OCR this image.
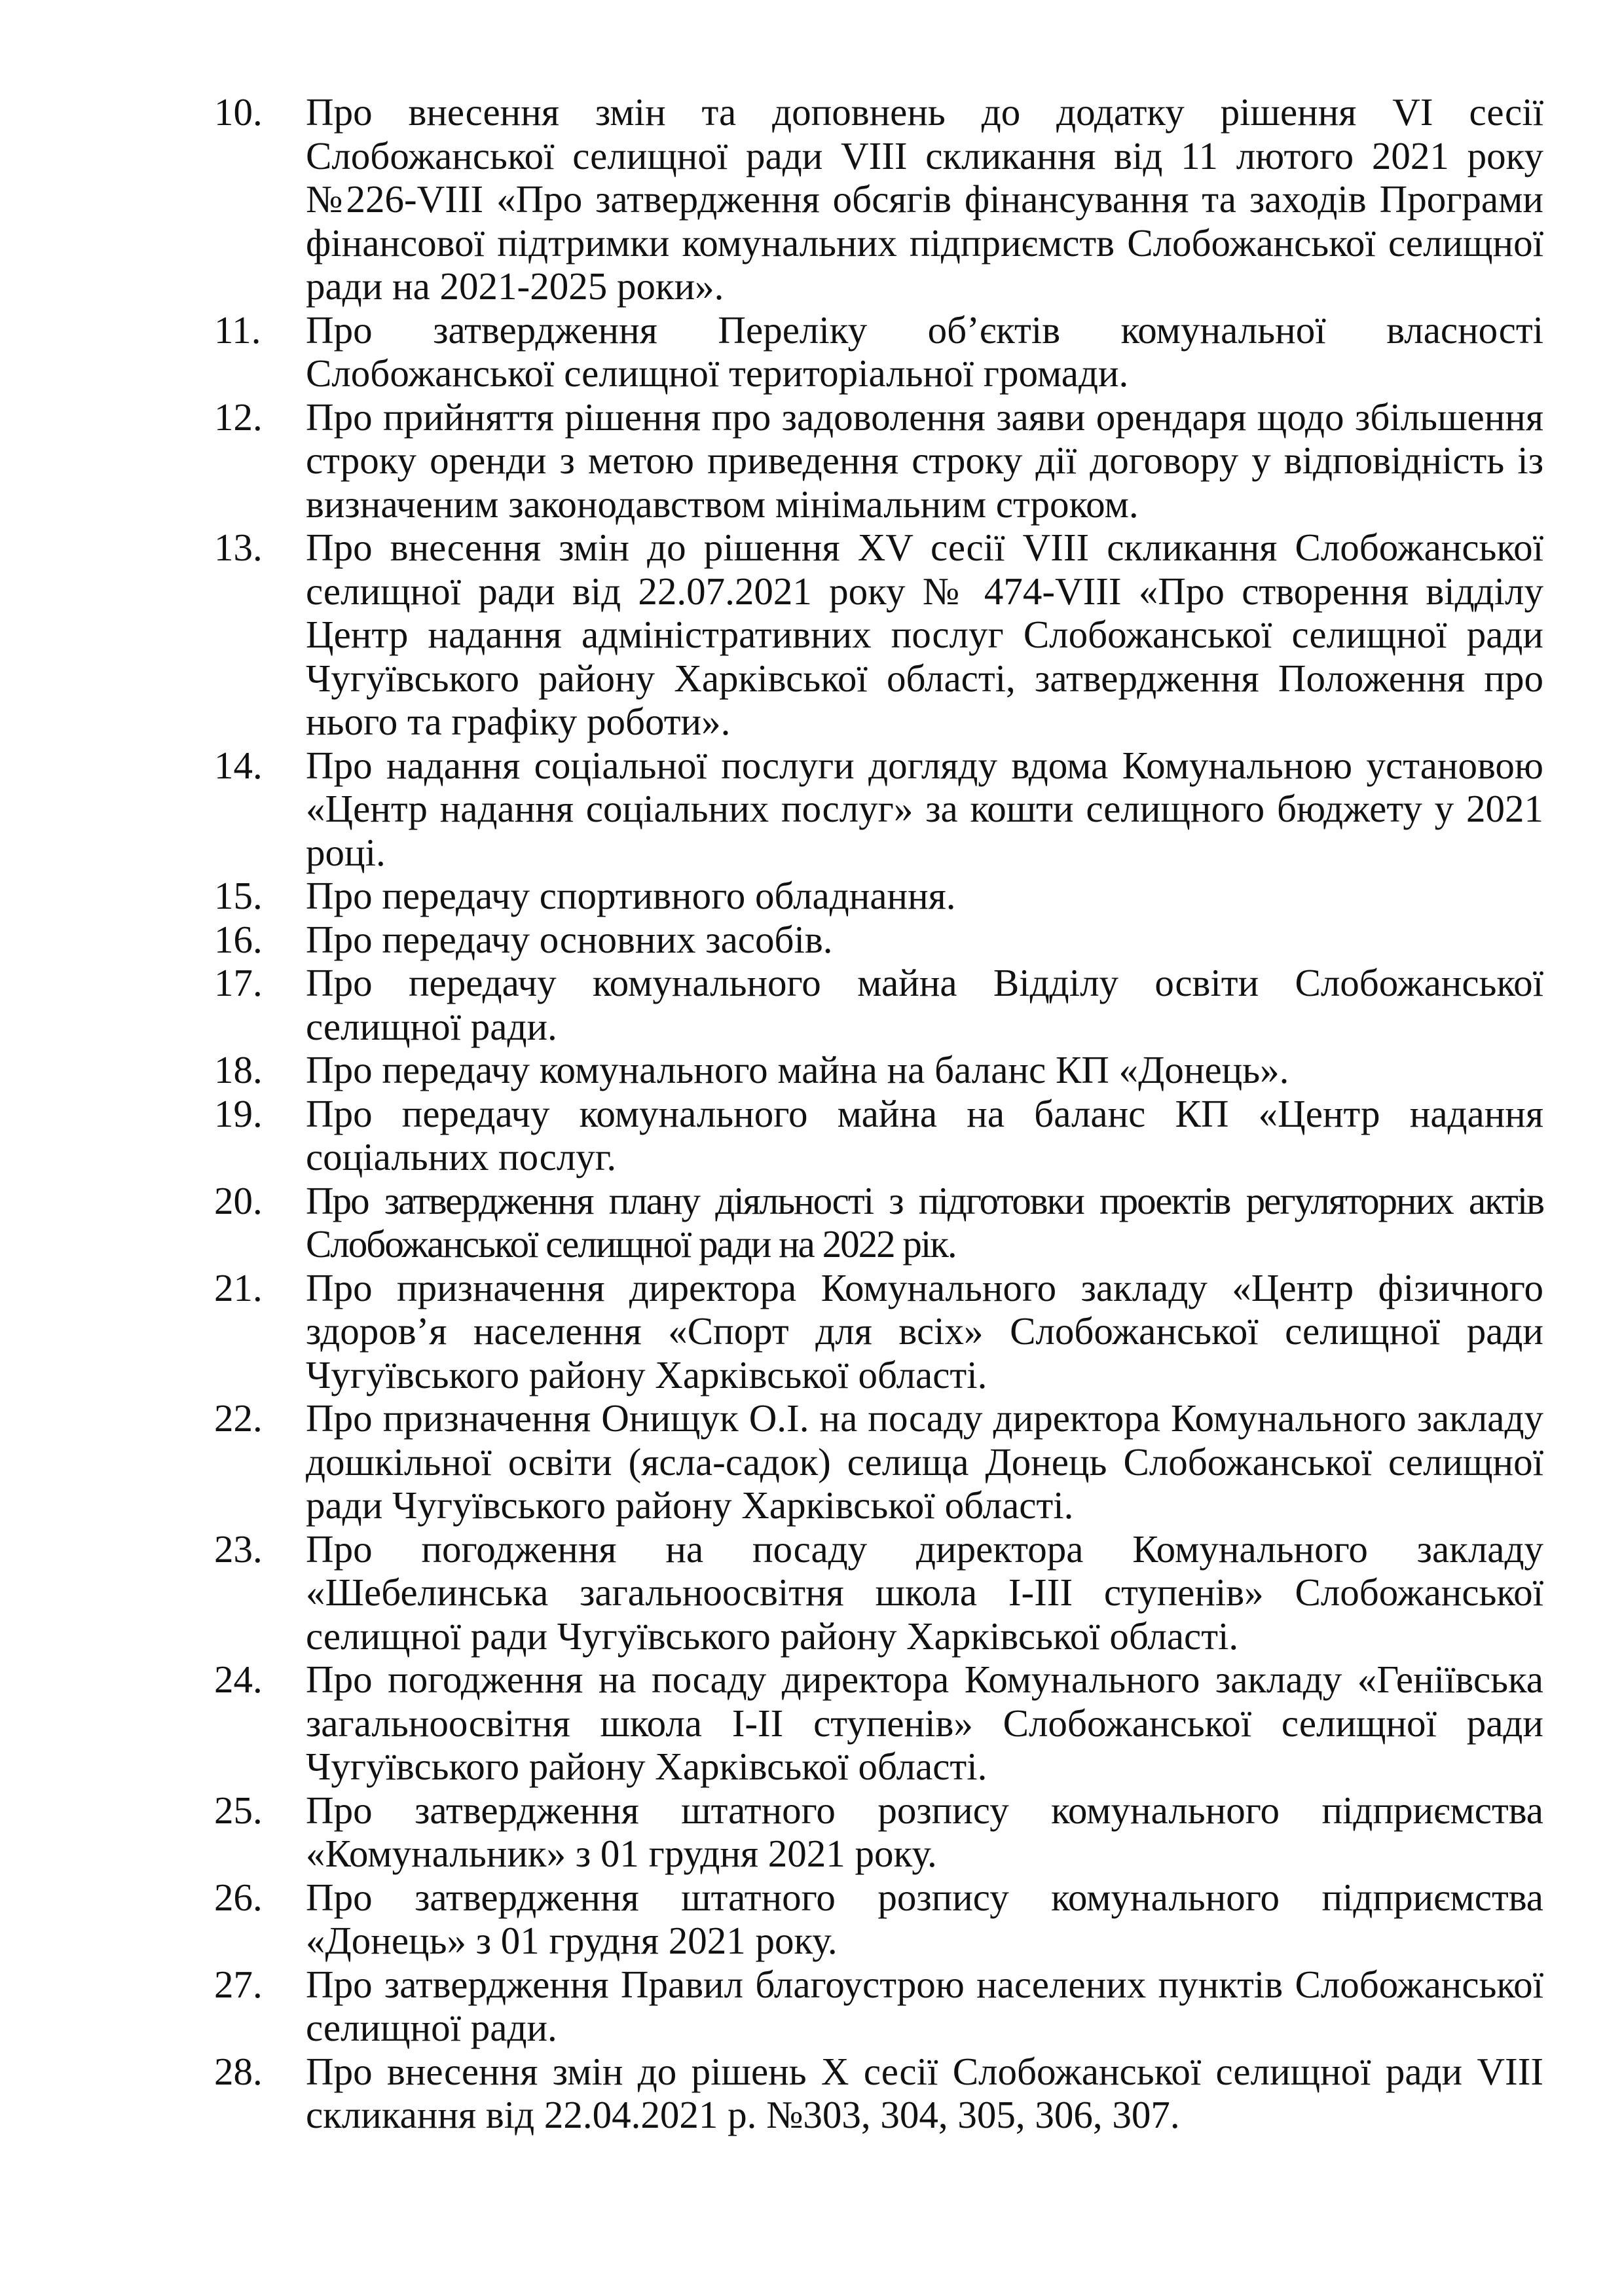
10.	Про внесення змін та доповнень до додатку рішення VI сесії Слобожанської селищної ради VIII скликання від 11 лютого 2021 року №226-VIII «Про затвердження обсягів фінансування та заходів Програми фінансової підтримки комунальних підприємств Слобожанської селищної ради на 2021-2025 роки».
11.	Про затвердження Переліку об’єктів комунальної власності Слобожанської селищної територіальної громади.
12.	Про прийняття рішення про задоволення заяви орендаря щодо збільшення строку оренди з метою приведення строку дії договору у відповідність із визначеним законодавством мінімальним строком.
13.	Про внесення змін до рішення XV сесії VIII скликання Слобожанської селищної ради від 22.07.2021 року № 474-VIII «Про створення відділу Центр надання адміністративних послуг Слобожанської селищної ради Чугуївського району Харківської області, затвердження Положення про нього та графіку роботи».
14.	Про надання соціальної послуги догляду вдома Комунальною установою «Центр надання соціальних послуг» за кошти селищного бюджету у 2021 році.
15.	Про передачу спортивного обладнання.
16.	Про передачу основних засобів.
17.	Про передачу комунального майна Відділу освіти Слобожанської селищної ради.
18.	Про передачу комунального майна на баланс КП «Донець».
19.	Про передачу комунального майна на баланс КП «Центр надання соціальних послуг.
20.	Про затвердження плану діяльності з підготовки проектів регуляторних актів Слобожанської селищної ради на 2022 рік.
21.	Про призначення директора Комунального закладу «Центр фізичного здоров’я населення «Спорт для всіх» Слобожанської селищної ради Чугуївського району Харківської області.
22.	Про призначення Онищук О.І. на посаду директора Комунального закладу дошкільної освіти (ясла-садок) селища Донець Слобожанської селищної ради Чугуївського району Харківської області.
23.	Про погодження на посаду директора Комунального закладу «Шебелинська загальноосвітня школа І-ІІІ ступенів» Слобожанської селищної ради Чугуївського району Харківської області.
24.	Про погодження на посаду директора Комунального закладу «Геніївська загальноосвітня школа І-ІІ ступенів» Слобожанської селищної ради Чугуївського району Харківської області.
25.	Про затвердження штатного розпису комунального підприємства «Комунальник» з 01 грудня 2021 року.
26.	Про затвердження штатного розпису комунального підприємства «Донець» з 01 грудня 2021 року.
27.	Про затвердження Правил благоустрою населених пунктів Слобожанської селищної ради.
28.	Про внесення змін до рішень X сесії Слобожанської селищної ради VIII скликання від 22.04.2021 р. №303, 304, 305, 306, 307.
